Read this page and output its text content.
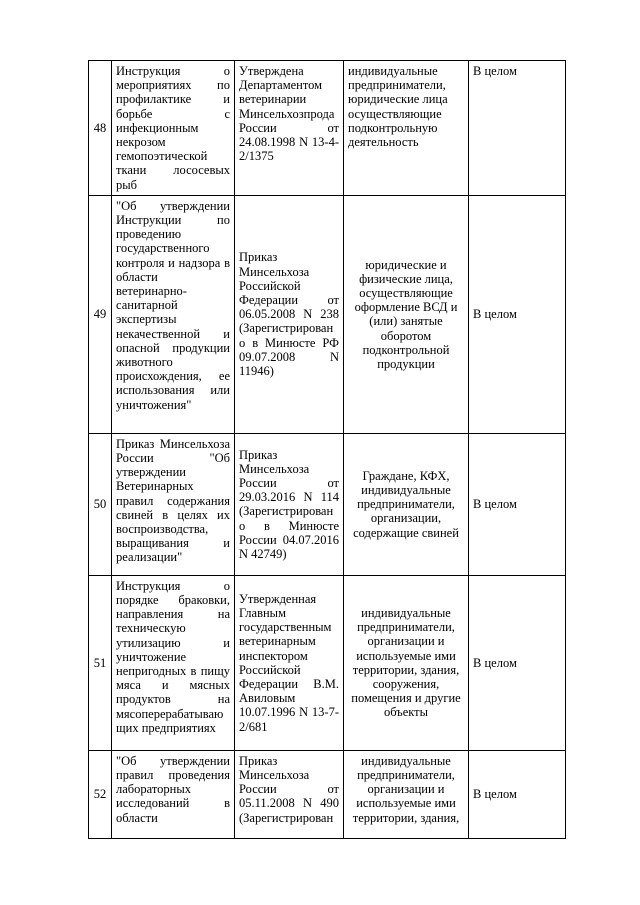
48	Инструкция о мероприятиях по профилактике и борьбе с инфекционным некрозом гемопоэтической ткани лососевых рыб	Утверждена Департаментом ветеринарии Минсельхозпрода России от 24.08.1998 N 13-4-2/1375	индивидуальные предприниматели, юридические лица осуществляющие подконтрольную деятельность	В целом
49	"Об утверждении Инструкции по проведению государственного контроля и надзора в области ветеринарно-санитарной экспертизы некачественной и опасной продукции животного происхождения, ее использования или уничтожения"	Приказ Минсельхоза Российской Федерации от 06.05.2008 N 238 (Зарегистрирован о в Минюсте РФ 09.07.2008 N 11946)	юридические и физические лица, осуществляющие оформление ВСД и (или) занятые оборотом подконтрольной продукции	В целом
50	Приказ Минсельхоза России "Об утверждении Ветеринарных правил содержания свиней в целях их воспроизводства, выращивания и реализации"	Приказ Минсельхоза России от 29.03.2016 N 114 (Зарегистрирован о в Минюсте России 04.07.2016 N 42749)	Граждане, КФХ, индивидуальные предприниматели, организации, содержащие свиней	В целом
51	Инструкция о порядке браковки, направления на техническую утилизацию и уничтожение непригодных в пищу мяса и мясных продуктов на мясоперерабатываю щих предприятиях	Утвержденная Главным государственным ветеринарным инспектором Российской Федерации В.М. Авиловым 10.07.1996 N 13-7-2/681	индивидуальные предприниматели, организации и используемые ими территории, здания, сооружения, помещения и другие объекты	В целом
52	"Об утверждении правил проведения лабораторных исследований в области	Приказ Минсельхоза России от 05.11.2008 N 490 (Зарегистрирован	индивидуальные предприниматели, организации и используемые ими территории, здания,	В целом
